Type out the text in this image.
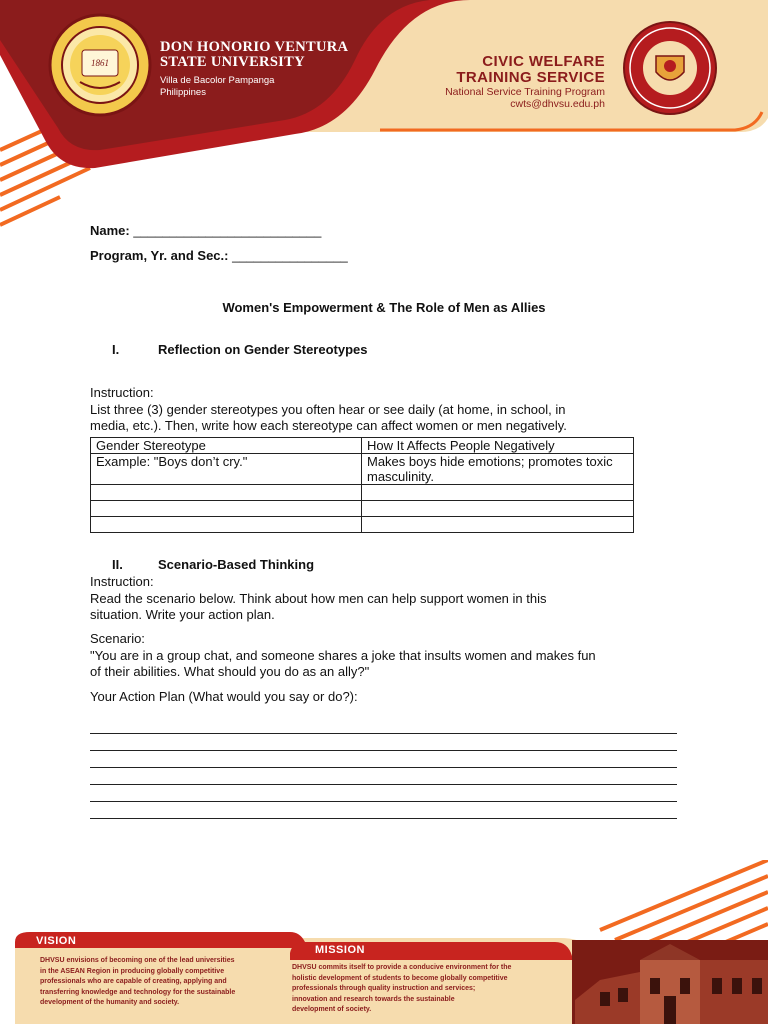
1861
DON HONORIO VENTURA
STATE UNIVERSITY
Villa de Bacolor Pampanga
Philippines
CIVIC WELFARE
TRAINING SERVICE
National Service Training Program
cwts@dhvsu.edu.ph
Name: __________________________
Program, Yr. and Sec.: ________________
Women's Empowerment & The Role of Men as Allies
I.	Reflection on Gender Stereotypes
Instruction:
List three (3) gender stereotypes you often hear or see daily (at home, in school, in
media, etc.). Then, write how each stereotype can affect women or men negatively.
Gender Stereotype	How It Affects People Negatively
Example: "Boys don’t cry."	Makes boys hide emotions; promotes toxic masculinity.

II.	Scenario-Based Thinking
Instruction:
Read the scenario below. Think about how men can help support women in this
situation. Write your action plan.
Scenario:
"You are in a group chat, and someone shares a joke that insults women and makes fun
of their abilities. What should you do as an ally?"
Your Action Plan (What would you say or do?):
VISION
DHVSU envisions of becoming one of the lead universities
in the ASEAN Region in producing globally competitive
professionals who are capable of creating, applying and
transferring knowledge and technology for the sustainable
development of the humanity and society.
MISSION
DHVSU commits itself to provide a conducive environment for the
holistic development of students to become globally competitive
professionals through quality instruction and services;
innovation and research towards the sustainable
development of society.
